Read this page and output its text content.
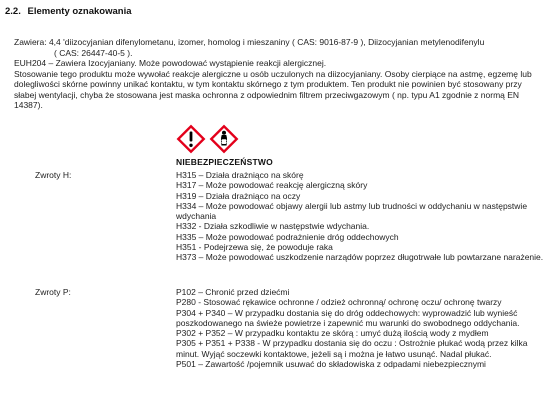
2.2. Elementy oznakowania

Zawiera: 4,4 'diizocyjanian difenylometanu, izomer, homolog i mieszaniny ( CAS: 9016-87-9 ), Diizocyjanian metylenodifenylu

( CAS: 26447-40-5 ).

EUH204 – Zawiera Izocyjaniany. Może powodować wystąpienie reakcji alergicznej.

Stosowanie tego produktu może wywołać reakcje alergiczne u osób uczulonych na diizocyjaniany. Osoby cierpiące na astmę, egzemę lub dolegliwości skórne powinny unikać kontaktu, w tym kontaktu skórnego z tym produktem. Ten produkt nie powinien być stosowany przy słabej wentylacji, chyba że stosowana jest maska ochronna z odpowiednim filtrem przeciwgazowym ( np. typu A1 zgodnie z normą EN 14387).

NIEBEZPIECZEŃSTWO
Zwroty H:	H315 – Działa drażniąco na skórę
H317 – Może powodować reakcję alergiczną skóry
H319 – Działa drażniąco na oczy
H334 – Może powodować objawy alergii lub astmy lub trudności w oddychaniu w następstwie wdychania
H332 - Działa szkodliwie w następstwie wdychania.
H335 – Może powodować podrażnienie dróg oddechowych
H351 - Podejrzewa się, że powoduje raka
H373 – Może powodować uszkodzenie narządów poprzez długotrwałe lub powtarzane narażenie.
Zwroty P:	P102 – Chronić przed dziećmi
P280 - Stosować rękawice ochronne / odzież ochronną/ ochronę oczu/ ochronę twarzy
P304 + P340 – W przypadku dostania się do dróg oddechowych: wyprowadzić lub wynieść poszkodowanego na świeże powietrze i zapewnić mu warunki do swobodnego oddychania.
P302 + P352 – W przypadku kontaktu ze skórą : umyć dużą ilością wody z mydłem
P305 + P351 + P338 - W przypadku dostania się do oczu : Ostrożnie płukać wodą przez kilka minut. Wyjąć soczewki kontaktowe, jeżeli są i można je łatwo usunąć. Nadal płukać.
P501 – Zawartość /pojemnik usuwać do składowiska z odpadami niebezpiecznymi
